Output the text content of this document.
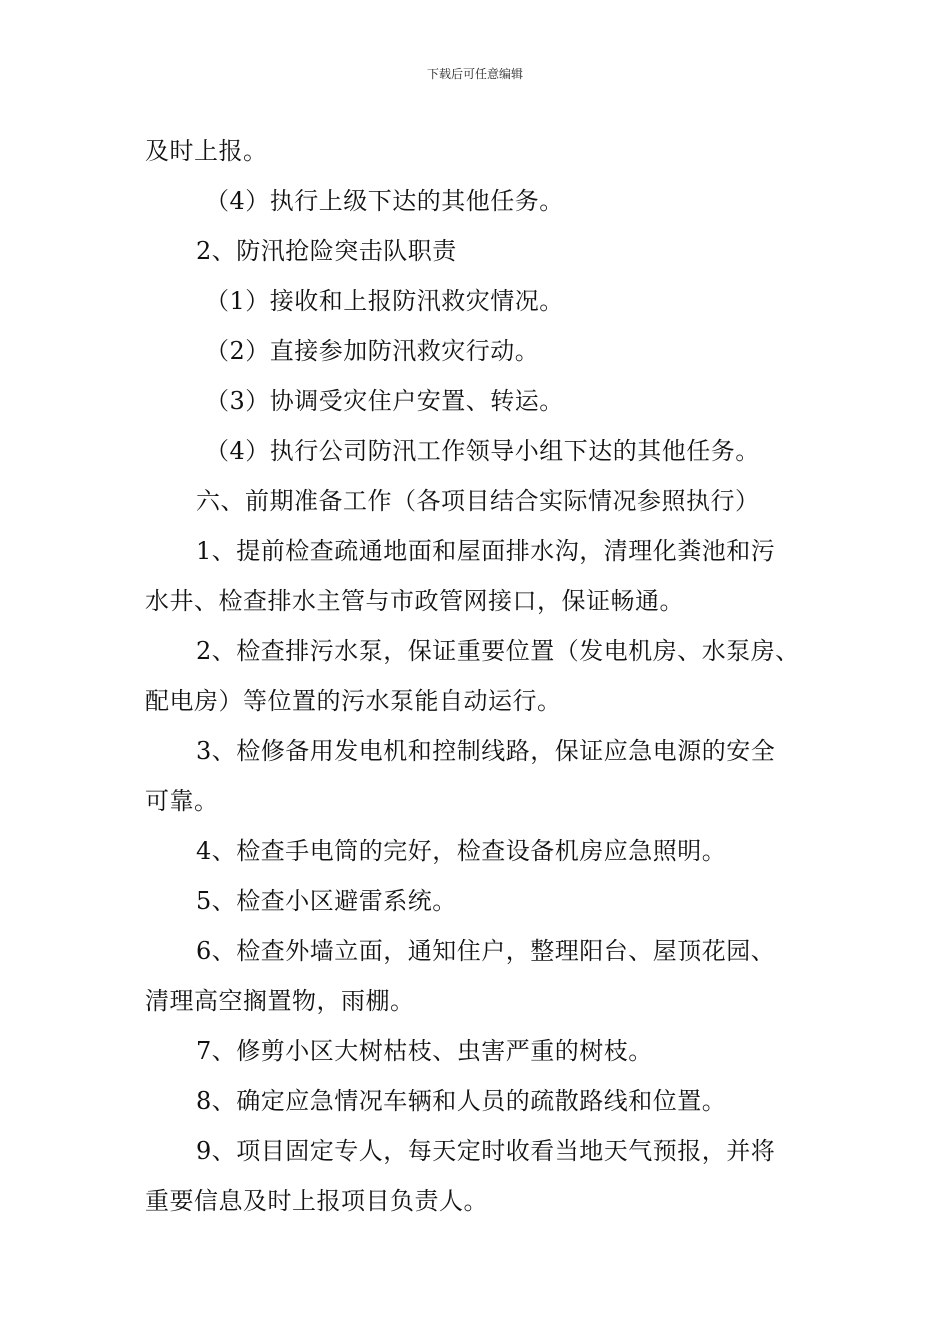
下载后可任意编辑
及时上报。
（4）执行上级下达的其他任务。
2、防汛抢险突击队职责
（1）接收和上报防汛救灾情况。
（2）直接参加防汛救灾行动。
（3）协调受灾住户安置、转运。
（4）执行公司防汛工作领导小组下达的其他任务。
六、前期准备工作（各项目结合实际情况参照执行）
1、提前检查疏通地面和屋面排水沟，清理化粪池和污
水井、检查排水主管与市政管网接口，保证畅通。
2、检查排污水泵，保证重要位置（发电机房、水泵房、
配电房）等位置的污水泵能自动运行。
3、检修备用发电机和控制线路，保证应急电源的安全
可靠。
4、检查手电筒的完好，检查设备机房应急照明。
5、检查小区避雷系统。
6、检查外墙立面，通知住户，整理阳台、屋顶花园、
清理高空搁置物，雨棚。
7、修剪小区大树枯枝、虫害严重的树枝。
8、确定应急情况车辆和人员的疏散路线和位置。
9、项目固定专人，每天定时收看当地天气预报，并将
重要信息及时上报项目负责人。
